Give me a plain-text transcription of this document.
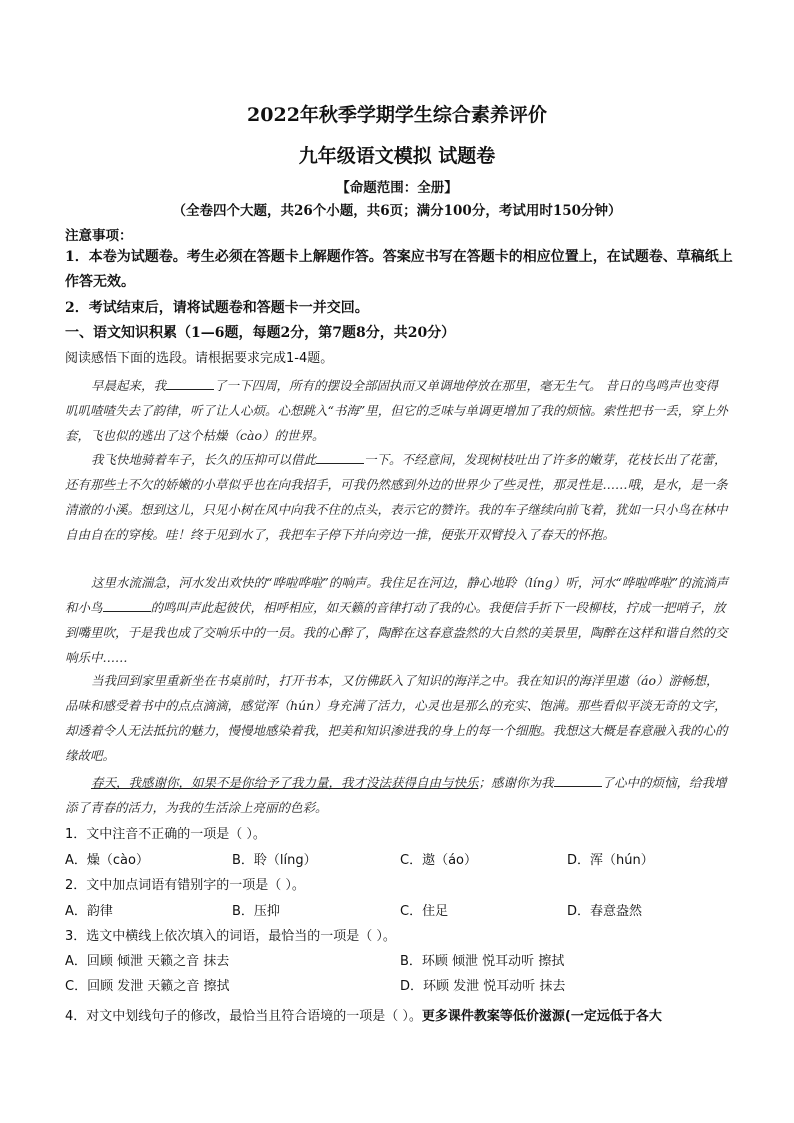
2022年秋季学期学生综合素养评价
九年级语文模拟 试题卷
【命题范围：全册】
（全卷四个大题，共26个小题，共6页；满分100分，考试用时150分钟）
注意事项：
1．本卷为试题卷。考生必须在答题卡上解题作答。答案应书写在答题卡的相应位置上，在试题卷、草稿纸上作答无效。
2．考试结束后，请将试题卷和答题卡一并交回。
一、语文知识积累（1—6题，每题2分，第7题8分，共20分）
阅读感悟下面的选段。请根据要求完成1-4题。
早晨起来，我	了一下四周，所有的摆设全部固执而又单调地停放在那里，毫无生气。 昔日的鸟鸣声也变得叽叽喳喳失去了韵律，听了让人心烦。心想跳入“书海”里，但它的乏味与单调更增加了我的烦恼。索性把书一丢，穿上外套，飞也似的逃出了这个枯燥（cào）的世界。
我飞快地骑着车子，长久的压抑可以借此	一下。不经意间，发现树枝吐出了许多的嫩芽，花枝长出了花蕾，还有那些土不欠的娇嫩的小草似乎也在向我招手，可我仍然感到外边的世界少了些灵性，那灵性是……哦，是水，是一条清澈的小溪。想到这儿，只见小树在风中向我不住的点头，表示它的赞许。我的车子继续向前飞着，犹如一只小鸟在林中自由自在的穿梭。哇！终于见到水了，我把车子停下并向旁边一推，便张开双臂投入了春天的怀抱。
这里水流湍急，河水发出欢快的“哗啦哗啦”的响声。我住足在河边，静心地聆（líng）听，河水“哗啦哗啦”的流淌声和小鸟	的鸣叫声此起彼伏，相呼相应，如天籁的音律打动了我的心。我便信手折下一段柳枝，拧成一把哨子，放到嘴里吹，于是我也成了交响乐中的一员。我的心醉了，陶醉在这春意盎然的大自然的美景里，陶醉在这样和谐自然的交响乐中……
当我回到家里重新坐在书桌前时，打开书本，又仿佛跃入了知识的海洋之中。我在知识的海洋里遨（áo）游畅想，品味和感受着书中的点点滴滴，感觉浑（hún）身充满了活力，心灵也是那么的充实、饱满。那些看似平淡无奇的文字，却透着令人无法抵抗的魅力，慢慢地感染着我，把美和知识渗进我的身上的每一个细胞。我想这大概是春意融入我的心的缘故吧。
春天，我感谢你，如果不是你给予了我力量，我才没法获得自由与快乐；感谢你为我	了心中的烦恼，给我增添了青春的活力，为我的生活涂上亮丽的色彩。
1．文中注音不正确的一项是（ ）。
A．燥（cào）	B．聆（líng）	C．遨（áo）	D．浑（hún）
2．文中加点词语有错别字的一项是（ ）。
A．韵律	B．压抑	C．住足	D．春意盎然
3．选文中横线上依次填入的词语，最恰当的一项是（ ）。
A．回顾 倾泄 天籁之音 抹去	B．环顾 倾泄 悦耳动听 擦拭
C．回顾 发泄 天籁之音 擦拭	D．环顾 发泄 悦耳动听 抹去
4．对文中划线句子的修改，最恰当且符合语境的一项是（ ）。更多课件教案等低价滋源(一定远低于各大
